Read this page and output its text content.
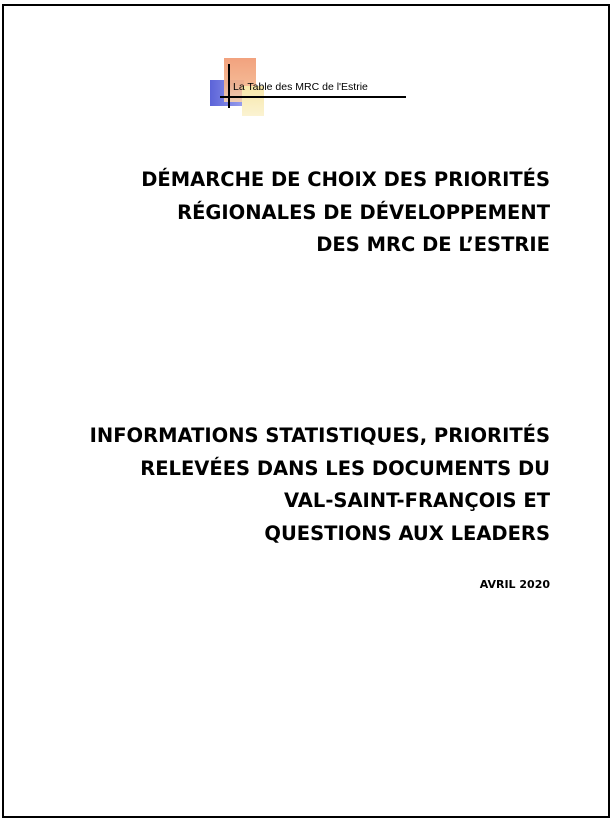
La Table des MRC de l'Estrie
DÉMARCHE DE CHOIX DES PRIORITÉS
RÉGIONALES DE DÉVELOPPEMENT
DES MRC DE L’ESTRIE
INFORMATIONS STATISTIQUES, PRIORITÉS
RELEVÉES DANS LES DOCUMENTS DU
VAL-SAINT-FRANÇOIS ET
QUESTIONS AUX LEADERS
AVRIL 2020
